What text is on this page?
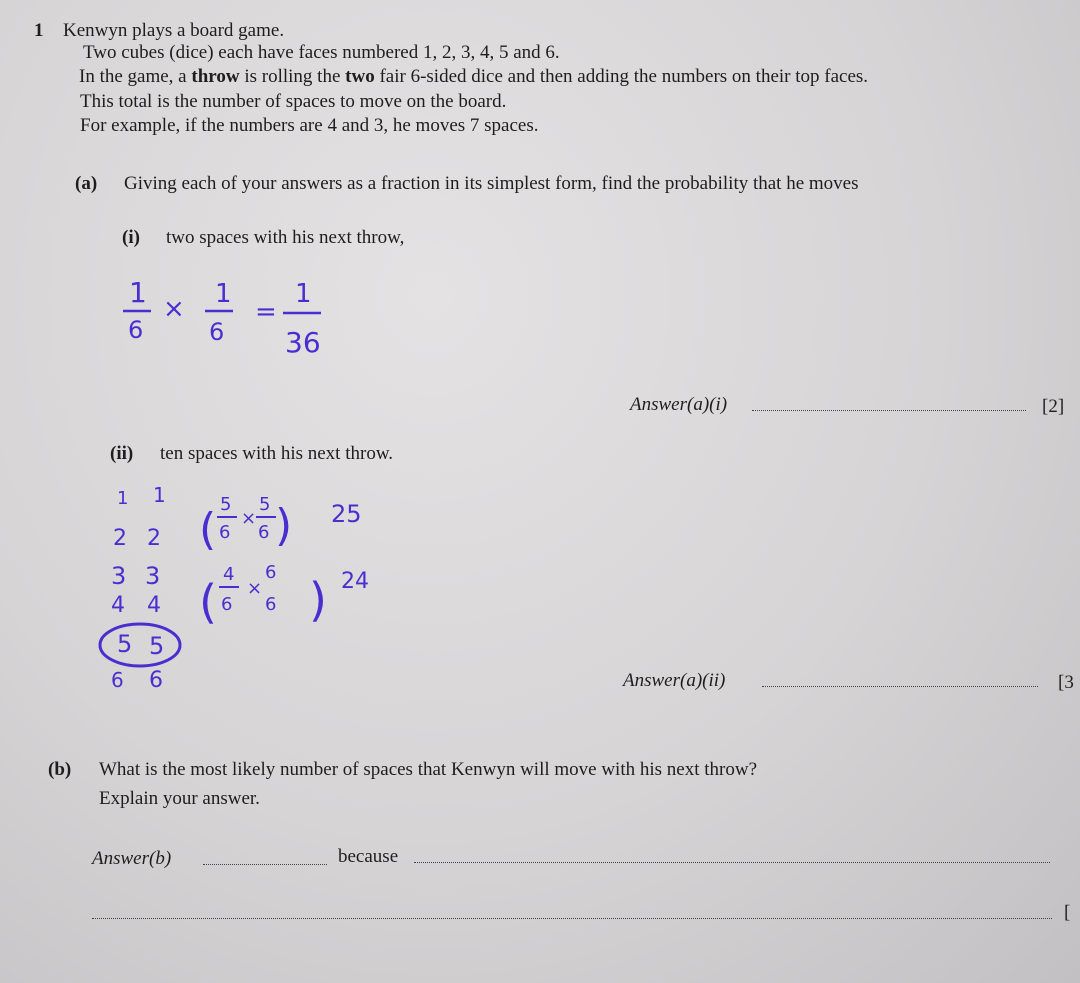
1 Kenwyn plays a board game.
Two cubes (dice) each have faces numbered 1, 2, 3, 4, 5 and 6.
In the game, a throw is rolling the two fair 6-sided dice and then adding the numbers on their top faces.
This total is the number of spaces to move on the board.
For example, if the numbers are 4 and 3, he moves 7 spaces.
(a) Giving each of your answers as a fraction in its simplest form, find the probability that he moves
(i) two spaces with his next throw,
1
6
× 1
6
=
1
36
Answer(a)(i)	[2]
(ii) ten spaces with his next throw.
1 1
2 2
3 3
4 4
5 5
6 6
( 5
6
×
5
6 ) 25
(
4
6
×
6
6 ) 24
Answer(a)(ii)	[3
(b) What is the most likely number of spaces that Kenwyn will move with his next throw?
Explain your answer.
Answer(b)	because
[
